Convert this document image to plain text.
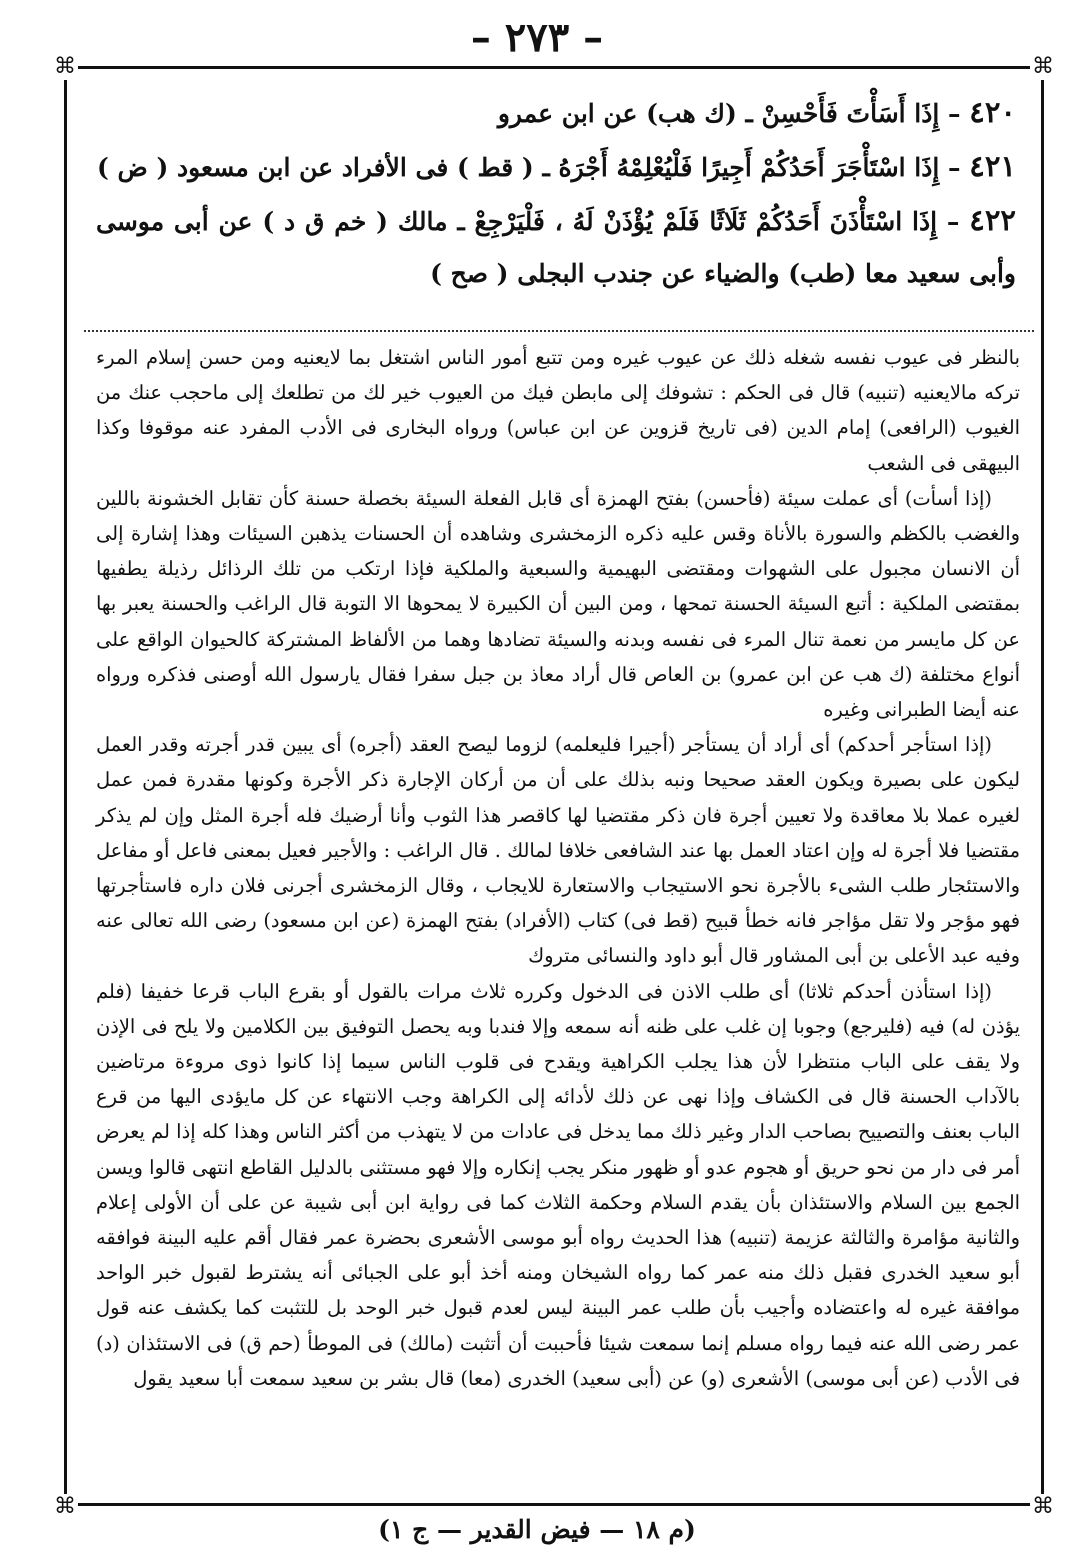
– ٢٧٣ –
⌘	⌘
⌘	⌘

٤٢٠ – إِذَا أَسَأْتَ فَأَحْسِنْ ـ (ك هب) عن ابن عمرو

٤٢١ – إِذَا اسْتَأْجَرَ أَحَدُكُمْ أَجِيرًا فَلْيُعْلِمْهُ أَجْرَهُ ـ ( قط ) فى الأفراد عن ابن مسعود ( ض )

٤٢٢ – إِذَا اسْتَأْذَنَ أَحَدُكُمْ ثَلَاثًا فَلَمْ يُؤْذَنْ لَهُ ، فَلْيَرْجِعْ ـ مالك ( خم ق د ) عن أبى موسى وأبى سعيد معا (طب) والضياء عن جندب البجلى ( صح )

بالنظر فى عيوب نفسه شغله ذلك عن عيوب غيره ومن تتبع أمور الناس اشتغل بما لايعنيه ومن حسن إسلام المرء تركه مالايعنيه (تنبيه) قال فى الحكم : تشوفك إلى مابطن فيك من العيوب خير لك من تطلعك إلى ماحجب عنك من الغيوب (الرافعى) إمام الدين (فى تاريخ قزوين عن ابن عباس) ورواه البخارى فى الأدب المفرد عنه موقوفا وكذا البيهقى فى الشعب

(إذا أسأت) أى عملت سيئة (فأحسن) بفتح الهمزة أى قابل الفعلة السيئة بخصلة حسنة كأن تقابل الخشونة باللين والغضب بالكظم والسورة بالأناة وقس عليه ذكره الزمخشرى وشاهده أن الحسنات يذهبن السيئات وهذا إشارة إلى أن الانسان مجبول على الشهوات ومقتضى البهيمية والسبعية والملكية فإذا ارتكب من تلك الرذائل رذيلة يطفيها بمقتضى الملكية : أتبع السيئة الحسنة تمحها ، ومن البين أن الكبيرة لا يمحوها الا التوبة قال الراغب والحسنة يعبر بها عن كل مايسر من نعمة تنال المرء فى نفسه وبدنه والسيئة تضادها وهما من الألفاظ المشتركة كالحيوان الواقع على أنواع مختلفة (ك هب عن ابن عمرو) بن العاص قال أراد معاذ بن جبل سفرا فقال يارسول الله أوصنى فذكره ورواه عنه أيضا الطبرانى وغيره

(إذا استأجر أحدكم) أى أراد أن يستأجر (أجيرا فليعلمه) لزوما ليصح العقد (أجره) أى يبين قدر أجرته وقدر العمل ليكون على بصيرة ويكون العقد صحيحا ونبه بذلك على أن من أركان الإجارة ذكر الأجرة وكونها مقدرة فمن عمل لغيره عملا بلا معاقدة ولا تعيين أجرة فان ذكر مقتضيا لها كاقصر هذا الثوب وأنا أرضيك فله أجرة المثل وإن لم يذكر مقتضيا فلا أجرة له وإن اعتاد العمل بها عند الشافعى خلافا لمالك . قال الراغب : والأجير فعيل بمعنى فاعل أو مفاعل والاستئجار طلب الشىء بالأجرة نحو الاستيجاب والاستعارة للايجاب ، وقال الزمخشرى أجرنى فلان داره فاستأجرتها فهو مؤجر ولا تقل مؤاجر فانه خطأ قبيح (قط فى) كتاب (الأفراد) بفتح الهمزة (عن ابن مسعود) رضى الله تعالى عنه وفيه عبد الأعلى بن أبى المشاور قال أبو داود والنسائى متروك

(إذا استأذن أحدكم ثلاثا) أى طلب الاذن فى الدخول وكرره ثلاث مرات بالقول أو بقرع الباب قرعا خفيفا (فلم يؤذن له) فيه (فليرجع) وجوبا إن غلب على ظنه أنه سمعه وإلا فندبا وبه يحصل التوفيق بين الكلامين ولا يلح فى الإذن ولا يقف على الباب منتظرا لأن هذا يجلب الكراهية ويقدح فى قلوب الناس سيما إذا كانوا ذوى مروءة مرتاضين بالآداب الحسنة قال فى الكشاف وإذا نهى عن ذلك لأدائه إلى الكراهة وجب الانتهاء عن كل مايؤدى اليها من قرع الباب بعنف والتصييح بصاحب الدار وغير ذلك مما يدخل فى عادات من لا يتهذب من أكثر الناس وهذا كله إذا لم يعرض أمر فى دار من نحو حريق أو هجوم عدو أو ظهور منكر يجب إنكاره وإلا فهو مستثنى بالدليل القاطع انتهى قالوا ويسن الجمع بين السلام والاستئذان بأن يقدم السلام وحكمة الثلاث كما فى رواية ابن أبى شيبة عن على أن الأولى إعلام والثانية مؤامرة والثالثة عزيمة (تنبيه) هذا الحديث رواه أبو موسى الأشعرى بحضرة عمر فقال أقم عليه البينة فوافقه أبو سعيد الخدرى فقبل ذلك منه عمر كما رواه الشيخان ومنه أخذ أبو على الجبائى أنه يشترط لقبول خبر الواحد موافقة غيره له واعتضاده وأجيب بأن طلب عمر البينة ليس لعدم قبول خبر الوحد بل للتثبت كما يكشف عنه قول عمر رضى الله عنه فيما رواه مسلم إنما سمعت شيئا فأحببت أن أتثبت (مالك) فى الموطأ (حم ق) فى الاستئذان (د) فى الأدب (عن أبى موسى) الأشعرى (و) عن (أبى سعيد) الخدرى (معا) قال بشر بن سعيد سمعت أبا سعيد يقول

(م ١٨ — فيض القدير — ج ١)
